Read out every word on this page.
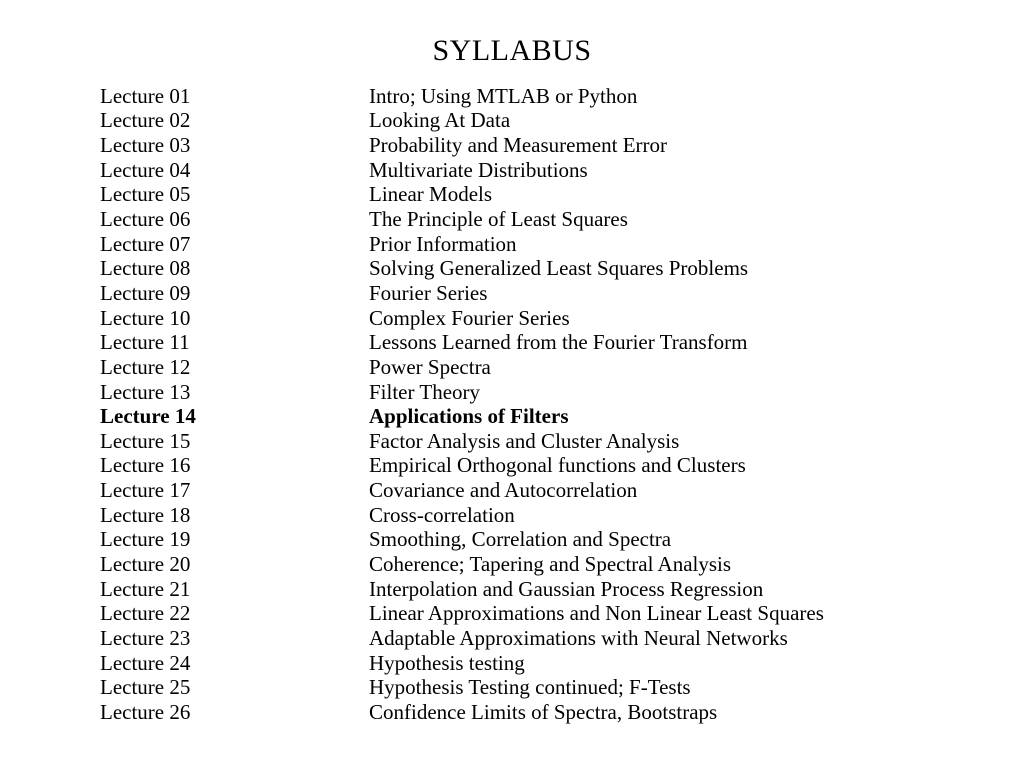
SYLLABUS
Lecture 01	Intro; Using MTLAB or Python
Lecture 02	Looking At Data
Lecture 03	Probability and Measurement Error
Lecture 04	Multivariate Distributions
Lecture 05	Linear Models
Lecture 06	The Principle of Least Squares
Lecture 07	Prior Information
Lecture 08	Solving Generalized Least Squares Problems
Lecture 09	Fourier Series
Lecture 10	Complex Fourier Series
Lecture 11	Lessons Learned from the Fourier Transform
Lecture 12	Power Spectra
Lecture 13	Filter Theory
Lecture 14	Applications of Filters
Lecture 15	Factor Analysis and Cluster Analysis
Lecture 16	Empirical Orthogonal functions and Clusters
Lecture 17	Covariance and Autocorrelation
Lecture 18	Cross-correlation
Lecture 19	Smoothing, Correlation and Spectra
Lecture 20	Coherence; Tapering and Spectral Analysis
Lecture 21	Interpolation and Gaussian Process Regression
Lecture 22	Linear Approximations and Non Linear Least Squares
Lecture 23	Adaptable Approximations with Neural Networks
Lecture 24	Hypothesis testing
Lecture 25	Hypothesis Testing continued; F-Tests
Lecture 26	Confidence Limits of Spectra, Bootstraps
